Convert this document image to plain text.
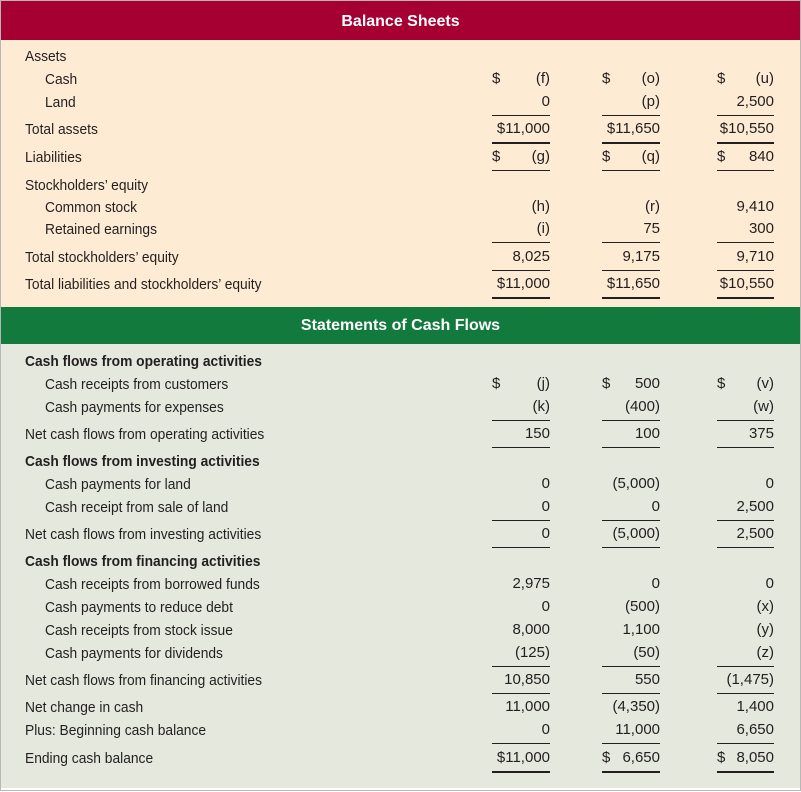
Balance Sheets
Statements of Cash Flows
Assets
Cash	$ (f)	$ (o)	$ (u)
Land	0	(p)	2,500
Total assets	$11,000	$11,650	$10,550
Liabilities	$ (g)	$ (q)	$ 840
Stockholders’ equity
Common stock	(h)	(r)	9,410
Retained earnings	(i)	75	300
Total stockholders’ equity	8,025	9,175	9,710
Total liabilities and stockholders’ equity	$11,000	$11,650	$10,550
Cash flows from operating activities
Cash receipts from customers	$ (j)	$ 500	$ (v)
Cash payments for expenses	(k)	(400)	(w)
Net cash flows from operating activities	150	100	375
Cash flows from investing activities
Cash payments for land	0	(5,000)	0
Cash receipt from sale of land	0	0	2,500
Net cash flows from investing activities	0	(5,000)	2,500
Cash flows from financing activities
Cash receipts from borrowed funds	2,975	0	0
Cash payments to reduce debt	0	(500)	(x)
Cash receipts from stock issue	8,000	1,100	(y)
Cash payments for dividends	(125)	(50)	(z)
Net cash flows from financing activities	10,850	550	(1,475)
Net change in cash	11,000	(4,350)	1,400
Plus: Beginning cash balance	0	11,000	6,650
Ending cash balance	$11,000	$ 6,650	$ 8,050
